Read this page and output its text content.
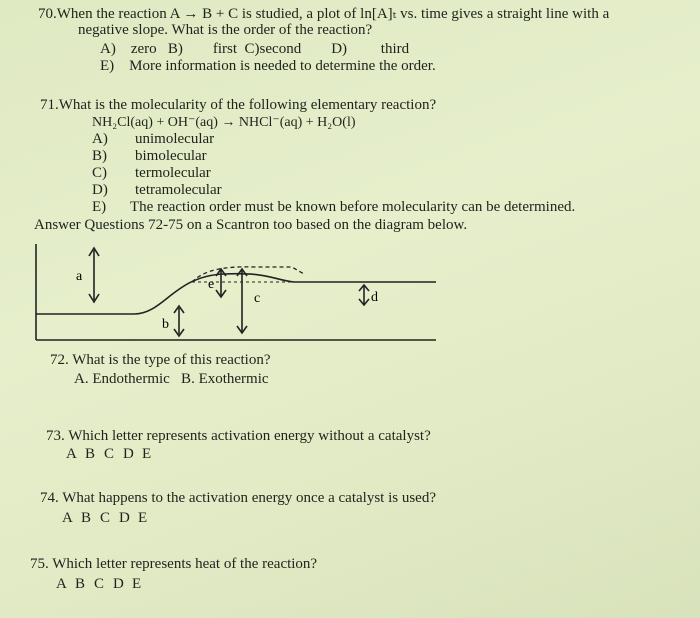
70.When the reaction A → B + C is studied, a plot of ln[A]ₜ vs. time gives a straight line with a
negative slope. What is the order of the reaction?
A)    zero   B)        first  C)second        D)         third
E)    More information is needed to determine the order.
71.What is the molecularity of the following elementary reaction?
NH₂Cl(aq) + OH⁻(aq) → NHCl⁻(aq) + H₂O(l)
A) unimolecular
B) bimolecular
C) termolecular
D) tetramolecular
E) The reaction order must be known before molecularity can be determined.
Answer Questions 72-75 on a Scantron too based on the diagram below.
a
b
e
c	d
72. What is the type of this reaction?
A. Endothermic   B. Exothermic
73. Which letter represents activation energy without a catalyst?
A B C D E
74. What happens to the activation energy once a catalyst is used?
A B C D E
75. Which letter represents heat of the reaction?
A B C D E
